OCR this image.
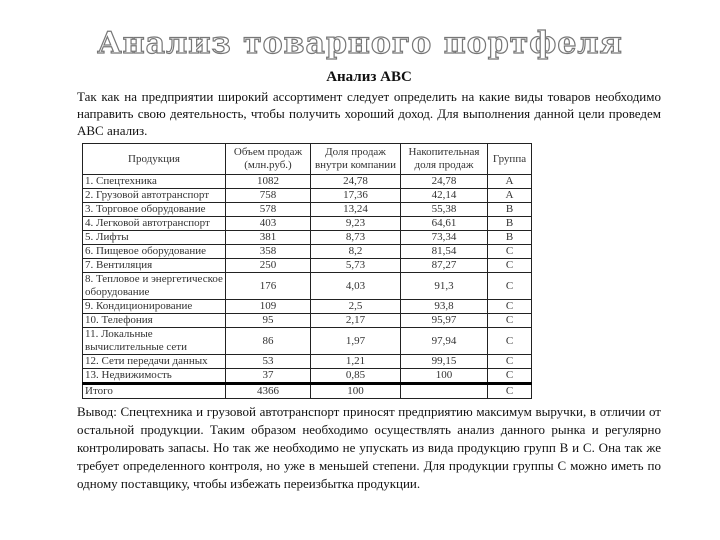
Анализ товарного портфеля
Анализ АВС
Так как на предприятии широкий ассортимент следует определить на какие виды товаров необходимо направить свою деятельность, чтобы получить хороший доход. Для выполнения данной цели проведем АВС анализ.
Продукция	Объем продаж (млн.руб.)	Доля продаж внутри компании	Накопительная доля продаж	Группа
1. Спецтехника	1082	24,78	24,78	A
2. Грузовой автотранспорт	758	17,36	42,14	A
3. Торговое оборудование	578	13,24	55,38	B
4. Легковой автотранспорт	403	9,23	64,61	B
5. Лифты	381	8,73	73,34	B
6. Пищевое оборудование	358	8,2	81,54	C
7. Вентиляция	250	5,73	87,27	C
8. Тепловое и энергетическое оборудование	176	4,03	91,3	C
9. Кондиционирование	109	2,5	93,8	C
10. Телефония	95	2,17	95,97	C
11. Локальные вычислительные сети	86	1,97	97,94	C
12. Сети передачи данных	53	1,21	99,15	C
13. Недвижимость	37	0,85	100	C
Итого	4366	100		C
Вывод: Спецтехника и грузовой автотранспорт приносят предприятию максимум выручки, в отличии от остальной продукции. Таким образом необходимо осуществлять анализ данного рынка и регулярно контролировать запасы. Но так же необходимо не упускать из вида продукцию групп В и С. Она так же требует определенного контроля, но уже в меньшей степени. Для продукции группы С можно иметь по одному поставщику, чтобы избежать переизбытка продукции.
